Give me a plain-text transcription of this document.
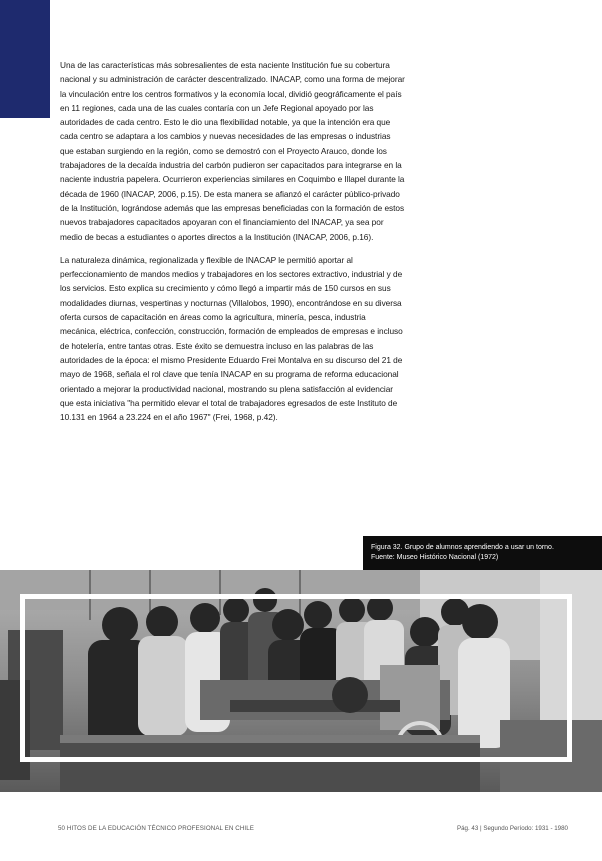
Una de las características más sobresalientes de esta naciente Institución fue su cobertura nacional y su administración de carácter descentralizado. INACAP, como una forma de mejorar la vinculación entre los centros formativos y la economía local, dividió geográficamente el país en 11 regiones, cada una de las cuales contaría con un Jefe Regional apoyado por las autoridades de cada centro. Esto le dio una flexibilidad notable, ya que la intención era que cada centro se adaptara a los cambios y nuevas necesidades de las empresas o industrias que estaban surgiendo en la región, como se demostró con el Proyecto Arauco, donde los trabajadores de la decaída industria del carbón pudieron ser capacitados para integrarse en la naciente industria papelera. Ocurrieron experiencias similares en Coquimbo e Illapel durante la década de 1960 (INACAP, 2006, p.15). De esta manera se afianzó el carácter público-privado de la Institución, lográndose además que las empresas beneficiadas con la formación de estos nuevos trabajadores capacitados apoyaran con el financiamiento del INACAP, ya sea por medio de becas a estudiantes o aportes directos a la Institución (INACAP, 2006, p.16).

La naturaleza dinámica, regionalizada y flexible de INACAP le permitió aportar al perfeccionamiento de mandos medios y trabajadores en los sectores extractivo, industrial y de los servicios. Esto explica su crecimiento y cómo llegó a impartir más de 150 cursos en sus modalidades diurnas, vespertinas y nocturnas (Villalobos, 1990), encontrándose en su diversa oferta cursos de capacitación en áreas como la agricultura, minería, pesca, industria mecánica, eléctrica, confección, construcción, formación de empleados de empresas e incluso de hotelería, entre tantas otras. Este éxito se demuestra incluso en las palabras de las autoridades de la época: el mismo Presidente Eduardo Frei Montalva en su discurso del 21 de mayo de 1968, señala el rol clave que tenía INACAP en su programa de reforma educacional orientado a mejorar la productividad nacional, mostrando su plena satisfacción al evidenciar que esta iniciativa "ha permitido elevar el total de trabajadores egresados de este Instituto de 10.131 en 1964 a 23.224 en el año 1967" (Frei, 1968, p.42).

Figura 32. Grupo de alumnos aprendiendo a usar un torno.
Fuente: Museo Histórico Nacional (1972)
50 HITOS DE LA EDUCACIÓN TÉCNICO PROFESIONAL EN CHILE	Pág. 43 | Segundo Período: 1931 - 1980
